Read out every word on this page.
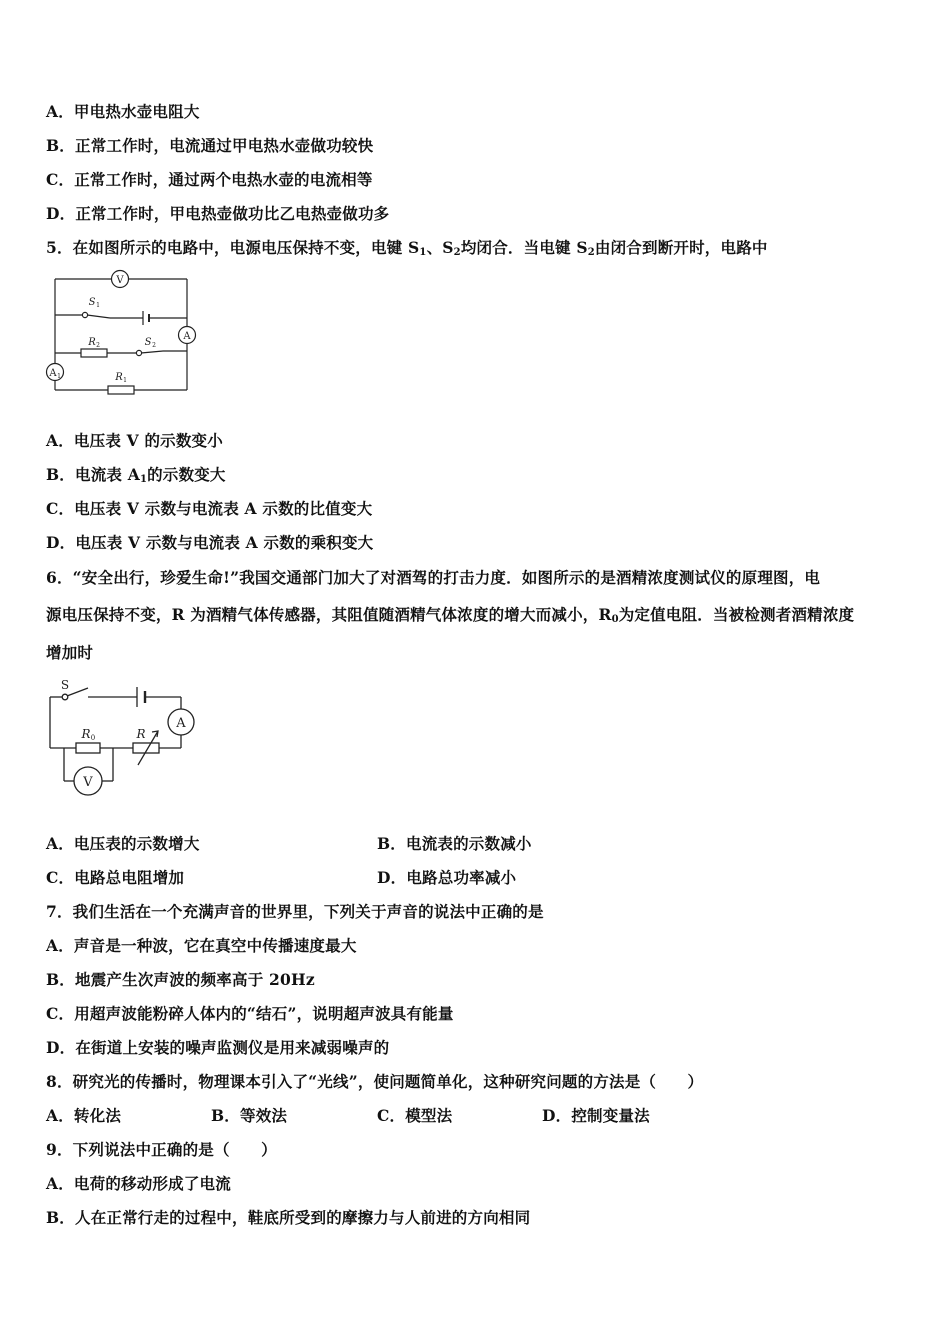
A．甲电热水壶电阻大
B．正常工作时，电流通过甲电热水壶做功较快
C．正常工作时，通过两个电热水壶的电流相等
D．正常工作时，甲电热壶做功比乙电热壶做功多
5．在如图所示的电路中，电源电压保持不变，电键 $S_1$、$S_2$均闭合．当电键 $S_2$由闭合到断开时，电路中
V
A
A 1
S 1
R 2	S 2
R 1
S
A
R 0	R
V
A．电压表 V 的示数变小
B．电流表 $A_1$的示数变大
C．电压表 V 示数与电流表 A 示数的比值变大
D．电压表 V 示数与电流表 A 示数的乘积变大
6．“安全出行，珍爱生命!”我国交通部门加大了对酒驾的打击力度．如图所示的是酒精浓度测试仪的原理图，电
源电压保持不变，R 为酒精气体传感器，其阻值随酒精气体浓度的增大而减小，$R_0$为定值电阻．当被检测者酒精浓度
增加时
A．电压表的示数增大	B．电流表的示数减小
C．电路总电阻增加	D．电路总功率减小
7．我们生活在一个充满声音的世界里，下列关于声音的说法中正确的是
A．声音是一种波，它在真空中传播速度最大
B．地震产生次声波的频率高于 20Hz
C．用超声波能粉碎人体内的“结石”，说明超声波具有能量
D．在街道上安装的噪声监测仪是用来减弱噪声的
8．研究光的传播时，物理课本引入了“光线”，使问题简单化，这种研究问题的方法是（　　）
A．转化法	B．等效法	C．模型法	D．控制变量法
9．下列说法中正确的是（　　）
A．电荷的移动形成了电流
B．人在正常行走的过程中，鞋底所受到的摩擦力与人前进的方向相同
